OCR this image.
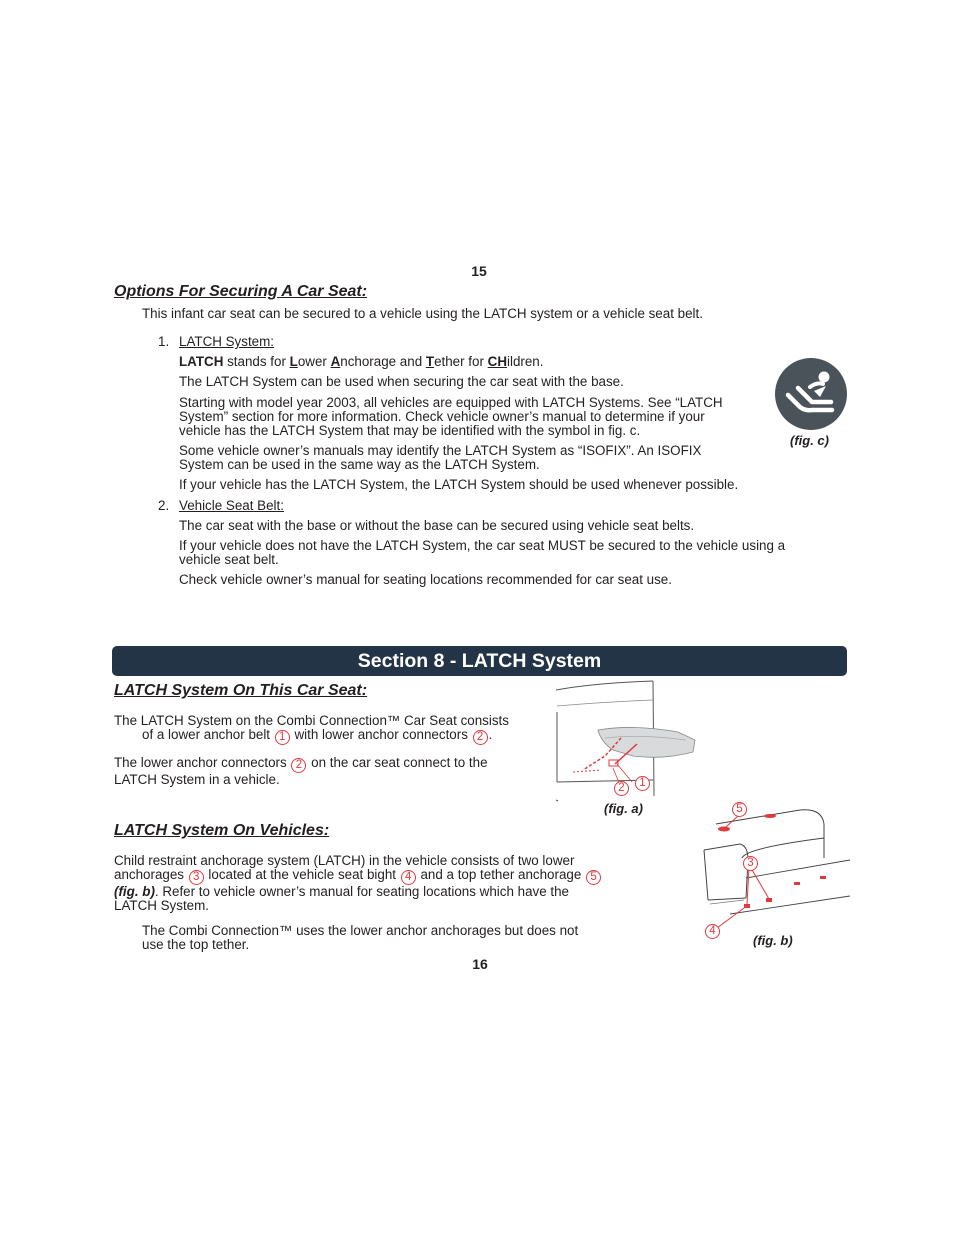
15
Options For Securing A Car Seat:
This infant car seat can be secured to a vehicle using the LATCH system or a vehicle seat belt.
1. LATCH System:
LATCH stands for Lower Anchorage and Tether for CHildren.
The LATCH System can be used when securing the car seat with the base.

Starting with model year 2003, all vehicles are equipped with LATCH Systems. See “LATCH

System” section for more information. Check vehicle owner’s manual to determine if your

vehicle has the LATCH System that may be identified with the symbol in fig. c.

Some vehicle owner’s manuals may identify the LATCH System as “ISOFIX”. An ISOFIX

System can be used in the same way as the LATCH System.

If your vehicle has the LATCH System, the LATCH System should be used whenever possible.
(fig. c)
2. Vehicle Seat Belt:
The car seat with the base or without the base can be secured using vehicle seat belts.

If your vehicle does not have the LATCH System, the car seat MUST be secured to the vehicle using a

vehicle seat belt.

Check vehicle owner’s manual for seating locations recommended for car seat use.
Section 8 - LATCH System
LATCH System On This Car Seat:

The LATCH System on the Combi Connection™ Car Seat consists

of a lower anchor belt 1 with lower anchor connectors 2 .

The lower anchor connectors 2 on the car seat connect to the

LATCH System in a vehicle.

2	1
(fig. a)
LATCH System On Vehicles:

Child restraint anchorage system (LATCH) in the vehicle consists of two lower

anchorages 3 located at the vehicle seat bight 4 and a top tether anchorage 5

(fig. b). Refer to vehicle owner’s manual for seating locations which have the

LATCH System.

The Combi Connection™ uses the lower anchor anchorages but does not

use the top tether.

5
3
4
(fig. b)
16
